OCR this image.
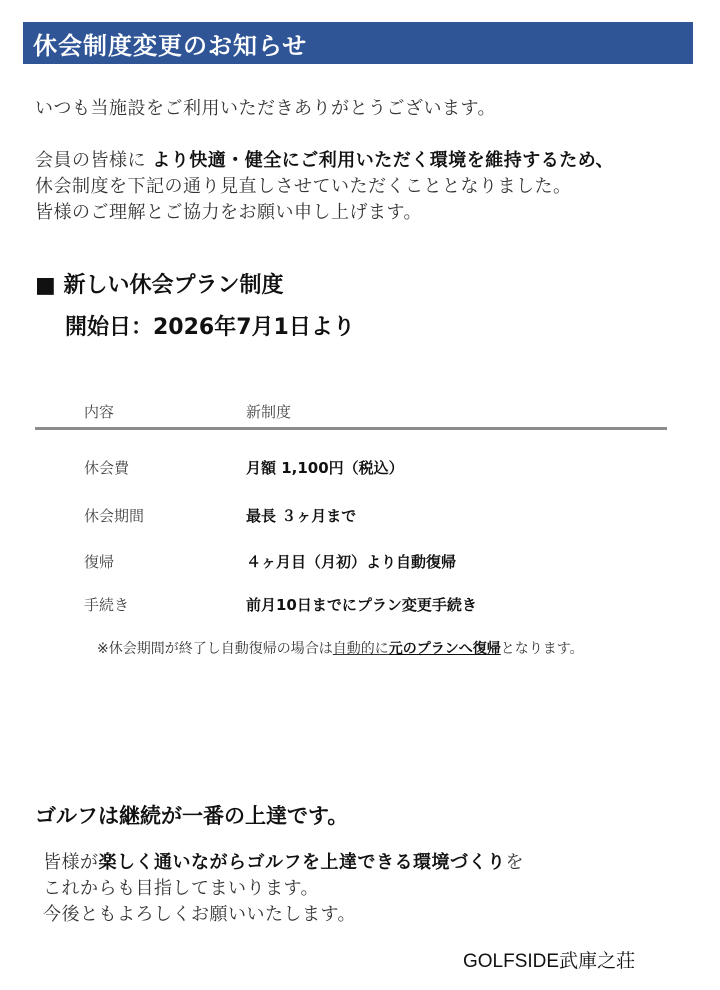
休会制度変更のお知らせ
いつも当施設をご利用いただきありがとうございます。
会員の皆様に より快適・健全にご利用いただく環境を維持するため、
休会制度を下記の通り見直しさせていただくこととなりました。
皆様のご理解とご協力をお願い申し上げます。
■ 新しい休会プラン制度
開始日：2026年7月1日より
内容	新制度
休会費	月額 1,100円（税込）
休会期間	最長 ３ヶ月まで
復帰	４ヶ月目（月初）より自動復帰
手続き	前月10日までにプラン変更手続き
※休会期間が終了し自動復帰の場合は自動的に元のプランへ復帰となります。
ゴルフは継続が一番の上達です。
皆様が楽しく通いながらゴルフを上達できる環境づくりを
これからも目指してまいります。
今後ともよろしくお願いいたします。
GOLFSIDE武庫之荘
